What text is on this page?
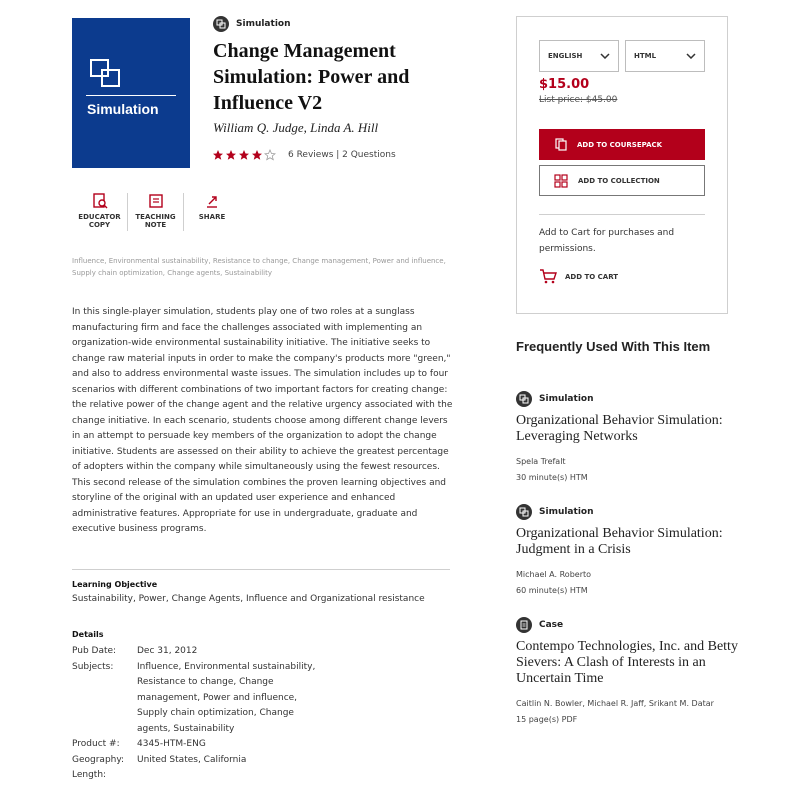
Simulation
Simulation
Change Management Simulation: Power and Influence V2
William Q. Judge, Linda A. Hill
6 Reviews | 2 Questions
EDUCATOR COPY
TEACHING NOTE
SHARE
Influence, Environmental sustainability, Resistance to change, Change management, Power and influence, Supply chain optimization, Change agents, Sustainability
In this single-player simulation, students play one of two roles at a sunglass manufacturing firm and face the challenges associated with implementing an organization-wide environmental sustainability initiative. The initiative seeks to change raw material inputs in order to make the company's products more "green," and also to address environmental waste issues. The simulation includes up to four scenarios with different combinations of two important factors for creating change: the relative power of the change agent and the relative urgency associated with the change initiative. In each scenario, students choose among different change levers in an attempt to persuade key members of the organization to adopt the change initiative. Students are assessed on their ability to achieve the greatest percentage of adopters within the company while simultaneously using the fewest resources. This second release of the simulation combines the proven learning objectives and storyline of the original with an updated user experience and enhanced administrative features. Appropriate for use in undergraduate, graduate and executive business programs.
Learning Objective
Sustainability, Power, Change Agents, Influence and Organizational resistance
Details
Pub Date:	Dec 31, 2012
Subjects:	Influence, Environmental sustainability, Resistance to change, Change management, Power and influence, Supply chain optimization, Change agents, Sustainability
Product #:	4345-HTM-ENG
Geography:	United States, California
Length:
ENGLISH	HTML
$15.00
List price: $45.00
ADD TO COURSEPACK
ADD TO COLLECTION
Add to Cart for purchases and permissions.
ADD TO CART
Frequently Used With This Item
Simulation
Organizational Behavior Simulation: Leveraging Networks
Spela Trefalt
30 minute(s) HTM
Simulation
Organizational Behavior Simulation: Judgment in a Crisis
Michael A. Roberto
60 minute(s) HTM
Case
Contempo Technologies, Inc. and Betty Sievers: A Clash of Interests in an Uncertain Time
Caitlin N. Bowler, Michael R. Jaff, Srikant M. Datar
15 page(s) PDF
